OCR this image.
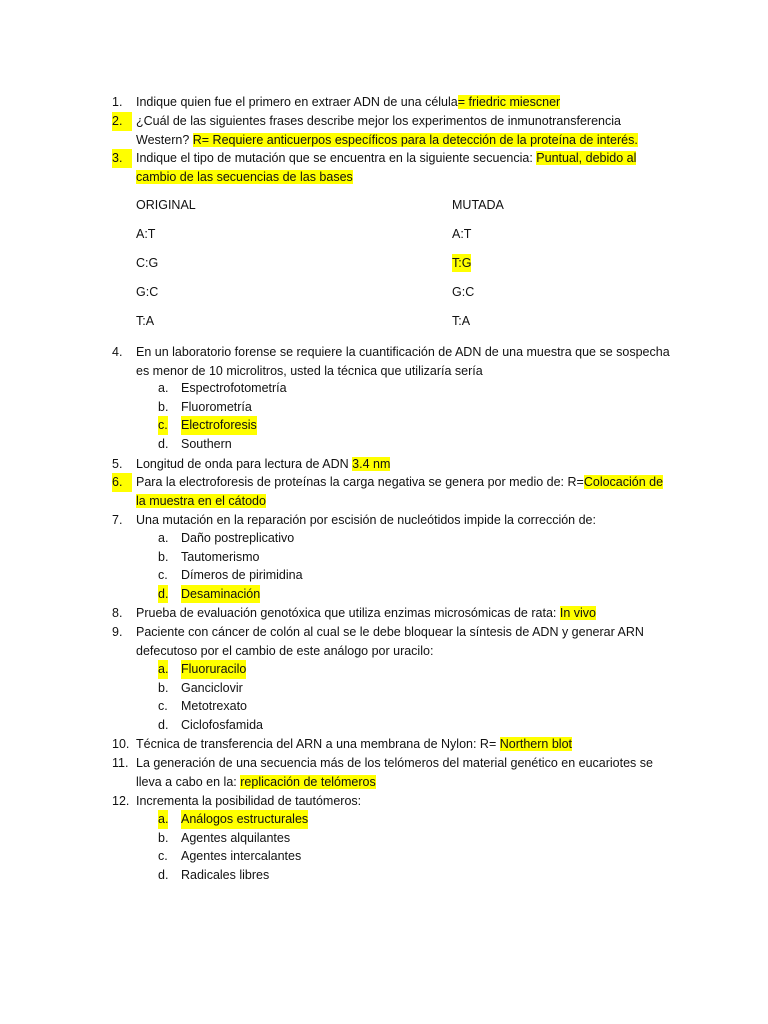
1.	Indique quien fue el primero en extraer ADN de una célula= friedric miescner
2.	¿Cuál de las siguientes frases describe mejor los experimentos de inmunotransferencia Western? R= Requiere anticuerpos específicos para la detección de la proteína de interés.
3.	Indique el tipo de mutación que se encuentra en la siguiente secuencia: Puntual, debido al cambio de las secuencias de las bases
ORIGINAL	MUTADA
A:T	A:T
C:G	T:G
G:C	G:C
T:A	T:A
4.	En un laboratorio forense se requiere la cuantificación de ADN de una muestra que se sospecha es menor de 10 microlitros, usted la técnica que utilizaría sería
a. Espectrofotometría
b. Fluorometría
c. Electroforesis
d. Southern
5.	Longitud de onda para lectura de ADN 3.4 nm
6.	Para la electroforesis de proteínas la carga negativa se genera por medio de: R=Colocación de la muestra en el cátodo
7.	Una mutación en la reparación por escisión de nucleótidos impide la corrección de:
a. Daño postreplicativo
b. Tautomerismo
c. Dímeros de pirimidina
d. Desaminación
8.	Prueba de evaluación genotóxica que utiliza enzimas microsómicas de rata: In vivo
9.	Paciente con cáncer de colón al cual se le debe bloquear la síntesis de ADN y generar ARN defecutoso por el cambio de este análogo por uracilo:
a. Fluoruracilo
b. Ganciclovir
c. Metotrexato
d. Ciclofosfamida
10. Técnica de transferencia del ARN a una membrana de Nylon: R= Northern blot
11. La generación de una secuencia más de los telómeros del material genético en eucariotes se lleva a cabo en la: replicación de telómeros
12. Incrementa la posibilidad de tautómeros:
a. Análogos estructurales
b. Agentes alquilantes
c. Agentes intercalantes
d. Radicales libres
